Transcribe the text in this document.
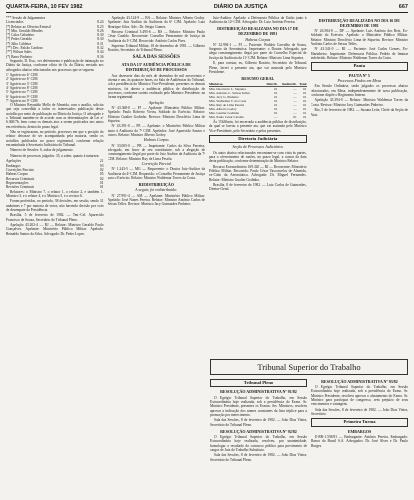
QUARTA-FEIRA, 10 FEV 1982	DIÁRIO DA JUSTIÇA	667
*** Sessão de Julgamentos
Licenciados	8.24
[*] Relator ao Oliveira Ermesil	8.25
[*] Min. Geraldo Mendes	8.26
[*] Calos Geladeiro	8.30
[*] Pedro Geraldo	8.30
[*] Júlio Caldeira	8.31
(**) Dec. Falcão Cardoso	8.32
(**) Wilson Sales	8.34
(*) Barro Pinheiro	8.36

Segundo, D. Exa., ver deferimento e publicação de intimação no Diário da Justiça, conforme ofício de fls. do Diário, enviado aos advogados abaixo relacionados nos processos que se seguem.

1º Agrávio no 6º CJM
2º Agrávio no 6º CJM
3º Agrávio no 3º CJM
4º Agrávio no 8º CJM
5º Agrávio no 7º CJM
6º Agrávio no 9º CJM
7º Agrávio no 9º CJM

O Ministro Reynaldo Mello de Almeida, com o auxílio, solicita que seja concedida a todos os interessados publicação desse acórdão por meio de publicação no Diário da Justiça. O advogado e o Tribunal mantém-se de acordo com as determinações da Lei nº 6.368/76, bem como os demais atos a serem praticados nos autos em referência, dentro do prazo legal.

Não se registraram, no período, processos em que a posição do relator deixasse de ser acompanhada pela maioria, sendo os acórdãos publicados no prazo regimental, conforme relação encaminhada à Secretaria Judiciária do Tribunal.

Número de Sessões: 6, todas de julgamento.

Número de processos julgados: 35, a saber, quanto à natureza:

Apelações	21
Embargos	03
Correições Parciais	02
Habeas Corpus	05
Recursos Criminais	02
Representações	01
Revisões Criminais	01

Relatores: o Ministro 7, o relator 1, o relator 2, e também 1, Ministro 3, e o relator 4, e o Ministro 5, e o revisor 6.

Foram proferidas, no período, 38 decisões, em sessão, sendo 31 unânimes e 7 por maioria de votos, não havendo decisão por voto de desempate da Presidência.

Brasília, 5 de fevereiro de 1982. — Ten.-Cel. Aparecido Francisco de Souza, Secretário do Tribunal Pleno.

Apelação 43.202-4 — RJ — Relator: Ministro Geraldo Paulo Gonçalves. Apelante: Ministério Público Militar. Apelado: Reinaldo Santos da Silva. Advogado: Dr. Pedro Lopes.

Apelação 43.124-9 — BA — Relator: Ministro Alberto Godoy. Apelante: Juiz Auditor da Auditoria da 6ª CJM. Apelado: Luiz Henrique Silva. Adv.: Dr. Sérgio Gomes.

Recurso Criminal 5.495-6 — RS — Relator: Ministro Paulo César Cataldo. Recorrente: Conselho Permanente de Justiça da Auditoria da 3ª CJM. Recorrido: Antônio Carlos Pires.

Supremo Tribunal Militar, 18 de dezembro de 1981. — Gilberto Rosário, Secretário do Tribunal Pleno.

SALA DAS SESSÕES
ATA DA 13ª AUDIÊNCIA PÚBLICA DE DISTRIBUIÇÃO DE PROCESSOS

Aos dezessete dias do mês de dezembro de mil novecentos e oitenta e um, às quatorze horas, na Sala de Audiências do Tribunal, sob a presidência do Ministro Vice-Presidente, presentes os demais ministros, foi aberta a audiência pública de distribuição de processos, conforme sorteio realizado pelo Ministro Presidente, na forma regimental.

Apelação

Nº 43.368-0 — PJ — Apelante: Ministério Público Militar. Apelado: Paulo Roberto Vieira, Soldado do Exército. Relator: Ministro Gualter Godinho. Revisor: Ministro Deoclécio Lima de Siqueira.

Nº 43.391-0 — PE — Apelante: o Ministério Público Militar junto à Auditoria da 7ª CJM. Apelados: José Aparecido Santos e outros. Relator: Ministro Alberto Godoy.

Habeas Corpus

Nº 33.005-0 — PB — Impetrante: Carlos da Silva Ferreira, advogado, em favor de seu constituinte, sob a alegação de constrangimento ilegal por parte do Juiz Auditor da Auditoria da 7ª CJM. Relator: Ministro Ruy de Lima Pessôa.

Correição Parcial

Nº 1.243-5 — MG — Requerente: o Doutor Juiz-Auditor da Auditoria da 4ª CJM. Requerido: o Conselho Permanente de Justiça para o Exército. Relator: Ministro Waldemar Torres da Costa.

REDISTRIBUIÇÃO
A seguir, foi redistribuído:

Nº 27.991-4 — AM — Apelante: Ministério Público Militar. Apelado: José Nunes Pereira. Relator: Ministro Antônio Carlos de Seixas Telles. Revisor: Ministro Jacy Guimarães Pinheiro.

Juiz-Auditor. Apelado: a Defensoria Pública da União junto à Auditoria da 12ª CJM. Advogado: Dr. Luiz Antônio Pereira.

DISTRIBUIÇÃO REALIZADA NO DIA 17 DE DEZEMBRO DE 1981
Habeas Corpus

Nº 32.994-1 — PJ — Paciente: Waldeir Carvalho de Sousa, Sargento da Aeronáutica. Impetrante: o Doutor Advogado, que alega constrangimento ilegal por parte do Conselho Especial de Justiça da Auditoria da 11ª CJM. Relator: Ministro Lima Siqueira.

E, para constar, eu, Gilberto Rosário, Secretário do Tribunal Pleno, lavrei a presente ata, que vai assinada pelo Ministro Presidente.

RESUMO GERAL
Ministros	Distrib.	Redistrib.	Total
Min. Deoclécio L. Siqueira	01	—	01
Min. Antônio C. Seixas Telles	01	—	01
Min. Jacy G. Pinheiro	01	—	01
Min. Waldemar T. da Costa	01	—	01
Min. Ruy de Lima Pessôa	01	—	01
Min. Alberto Godoy	01	—	01
Min. Gualter Godinho	01	—	01
Min. Paulo César Cataldo	—	01	01

Às 15h30min, foi encerrada a audiência pública de distribuição, da qual se lavrou a presente ata, que vai assinada pelo Ministro Vice-Presidente, pelo Secretário e pelos presentes.

Diretoria Judiciária
Seção de Processos Judiciários

Os autos abaixo relacionados encontram-se com vista às partes, para o oferecimento de razões, no prazo legal, a contar da data desta publicação, conforme determinação do Ministro Relator.

Recurso Extraordinário 169.320 — RJ — Recorrente: Ministério Público Militar. Recorrido: Paulo César Vasconcelos de Almeida, ex-Cabo da Aeronáutica. Advogado: Dr. Miguel Fernandes. Relator: Ministro Gualter Godinho.

Brasília, 8 de fevereiro de 1982. — Luiz Carlos de Guimarães, Diretor-Geral.

DISTRIBUIÇÃO REALIZADA NO DIA 16 DE DEZEMBRO DE 1981

Nº 26.584-0 — DF — Apelante: Luís Antônio dos Reis, Ex-Soldado do Exército. Apelado: o Ministério Público Militar. Relator: Ministro Deoclécio Lima de Siqueira. Revisor: Ministro Antônio Carlos de Seixas Telles.

Nº 43.341-0 — RJ — Paciente: José Carlos Gomes, Ex-Marinheiro. Impetrante: Defensoria Pública. Pedido de liminar indeferido. Relator: Ministro Waldemar Torres da Costa.

Pauta
PAUTA Nº 5
Processos Findos em Mesa

Em Sessão Ordinária, serão julgados os processos abaixo relacionados, em Mesa, independentemente de nova publicação, conforme dispõe o Regimento Interno.

Apelação 43.394-0 — Relator: Ministro Waldemar Torres da Costa. Revisor: Ministro Jacy Guimarães Pinheiro.

Rio, 5 de fevereiro de 1982. — Suzana Leite, Chefe da Seção de Atas.

Tribunal Superior do Trabalho
Tribunal Pleno
RESOLUÇÃO ADMINISTRATIVA Nº 91/82

O Egrégio Tribunal Superior do Trabalho, em Sessão Extraordinária hoje realizada, sob a presidência do Exmo. Sr. Ministro Presidente, presentes os Exmos. Srs. Ministros, resolveu aprovar a indicação dos nomes constantes da lista tríplice para a promoção por merecimento.

Sala das Sessões, 8 de fevereiro de 1982. — João Dias Vieira, Secretário do Tribunal Pleno.

RESOLUÇÃO ADMINISTRATIVA Nº 92/82

O Egrégio Tribunal Superior do Trabalho, em Sessão Extraordinária hoje realizada, resolveu, por unanimidade, homologar o resultado do concurso público para provimento de cargos de Juiz do Trabalho Substituto.

Sala das Sessões, 8 de fevereiro de 1982. — João Dias Vieira, Secretário do Tribunal Pleno.

RESOLUÇÃO ADMINISTRATIVA Nº 93/82

O Egrégio Tribunal Superior do Trabalho, em Sessão Extraordinária hoje realizada, sob a presidência do Exmo. Sr. Ministro Presidente, resolveu aprovar o afastamento do Exmo. Sr. Ministro para participar de congresso, sem prejuízo de seus vencimentos e vantagens.

Sala das Sessões, 8 de fevereiro de 1982. — João Dias Vieira, Secretário.

Primeira Turma
EMBARGOS

E-RR-1.558/81 — Embargante: Antônio Pereira. Embargado: Banco do Brasil S.A. Advogados: Dr. José Alves e Dr. Paulo Borges.
